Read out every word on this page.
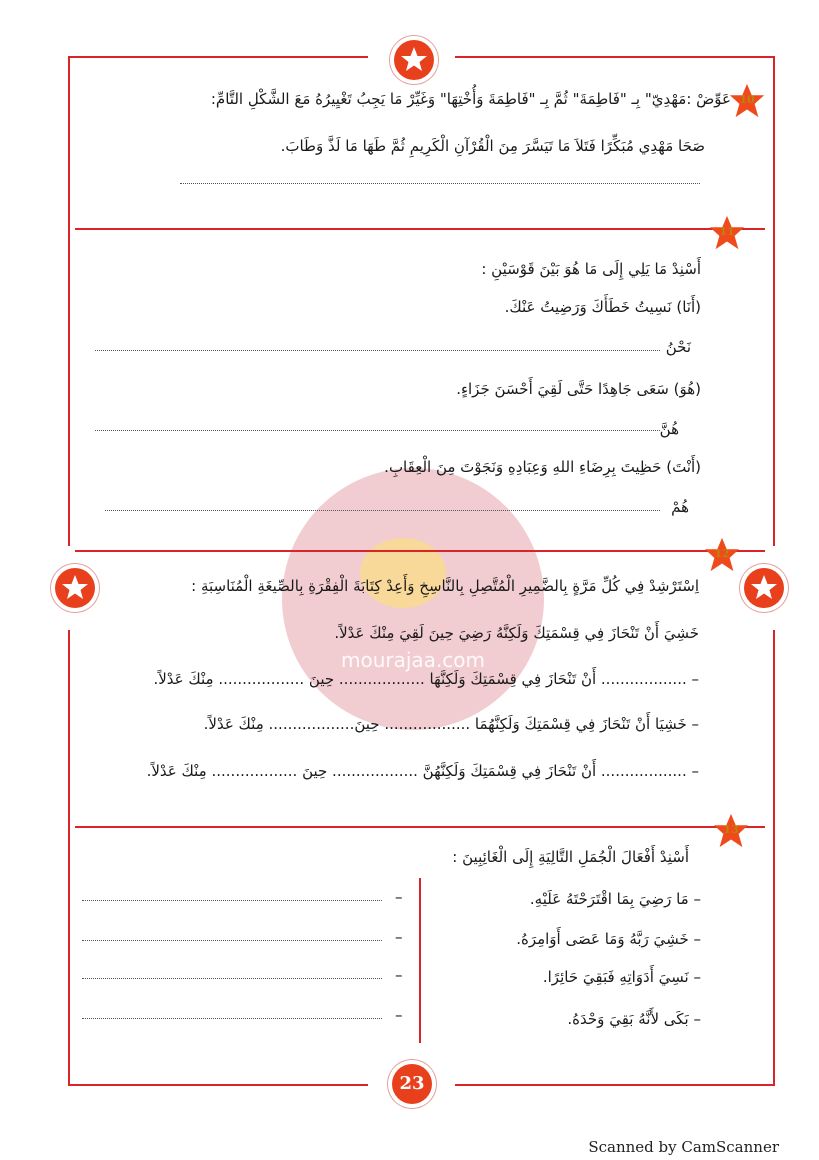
23
mourajaa.com
10
عَوِّضْ :مَهْدِيّ" بِـ "فَاطِمَةَ" ثُمَّ بِـ "فَاطِمَةَ وَأُخْتِهَا" وَغَيِّرْ مَا يَجِبُ تَغْيِيرُهُ مَعَ الشَّكْلِ التَّامِّ:
صَحَا مَهْدِي مُبَكِّرًا فَتَلاَ مَا تَيَسَّرَ مِنَ الْقُرْآنِ الْكَرِيمِ ثُمَّ طَهَا مَا لَذَّ وَطَابَ.
11
أَسْنِدْ مَا يَلِي إِلَى مَا هُوَ بَيْنَ قَوْسَيْنِ :
(أَنَا) نَسِيتُ خَطَأَكَ وَرَضِيتُ عَنْكَ.
نَحْنُ
(هُوَ) سَعَى جَاهِدًا حَتَّى لَقِيَ أَحْسَنَ جَزَاءٍ.
هُنَّ
(أَنْتَ) حَظِيتَ بِرِضَاءِ اللهِ وَعِبَادِهِ وَنَجَوْتَ مِنَ الْعِقَابِ.
هُمْ
12
اِسْتَرْشِدْ فِي كُلِّ مَرَّةٍ بِالضَّمِيرِ الْمُتَّصِلِ بِالنَّاسِخِ وَأَعِدْ كِتَابَةَ الْفِقْرَةِ بِالصِّيغَةِ الْمُنَاسِبَةِ :
خَشِيَ أَنْ تَنْحَازَ فِي قِسْمَتِكَ وَلَكِنَّهُ رَضِيَ حِينَ لَقِيَ مِنْكَ عَدْلاً.
– .................. أَنْ تَنْحَازَ فِي قِسْمَتِكَ وَلَكِنَّهَا .................. حِينَ .................. مِنْكَ عَدْلاً.
– خَشِيَا أَنْ تَنْحَازَ فِي قِسْمَتِكَ وَلَكِنَّهُمَا .................. حِينَ.................. مِنْكَ عَدْلاً.
– .................. أَنْ تَنْحَازَ فِي قِسْمَتِكَ وَلَكِنَّهُنَّ .................. حِينَ .................. مِنْكَ عَدْلاً.
13
أَسْنِدْ أَفْعَالَ الْجُمَلِ التَّالِيَةِ إِلَى الْغَائِبِينَ :
– مَا رَضِيَ بِمَا اقْتَرَحْتَهُ عَلَيْهِ.
– خَشِيَ رَبَّهُ وَمَا عَصَى أَوَامِرَهُ.
– نَسِيَ أَدَوَاتِهِ فَبَقِيَ حَائِرًا.
– بَكَى لأَنَّهُ بَقِيَ وَحْدَهُ.
–
–
–
–
Scanned by CamScanner
